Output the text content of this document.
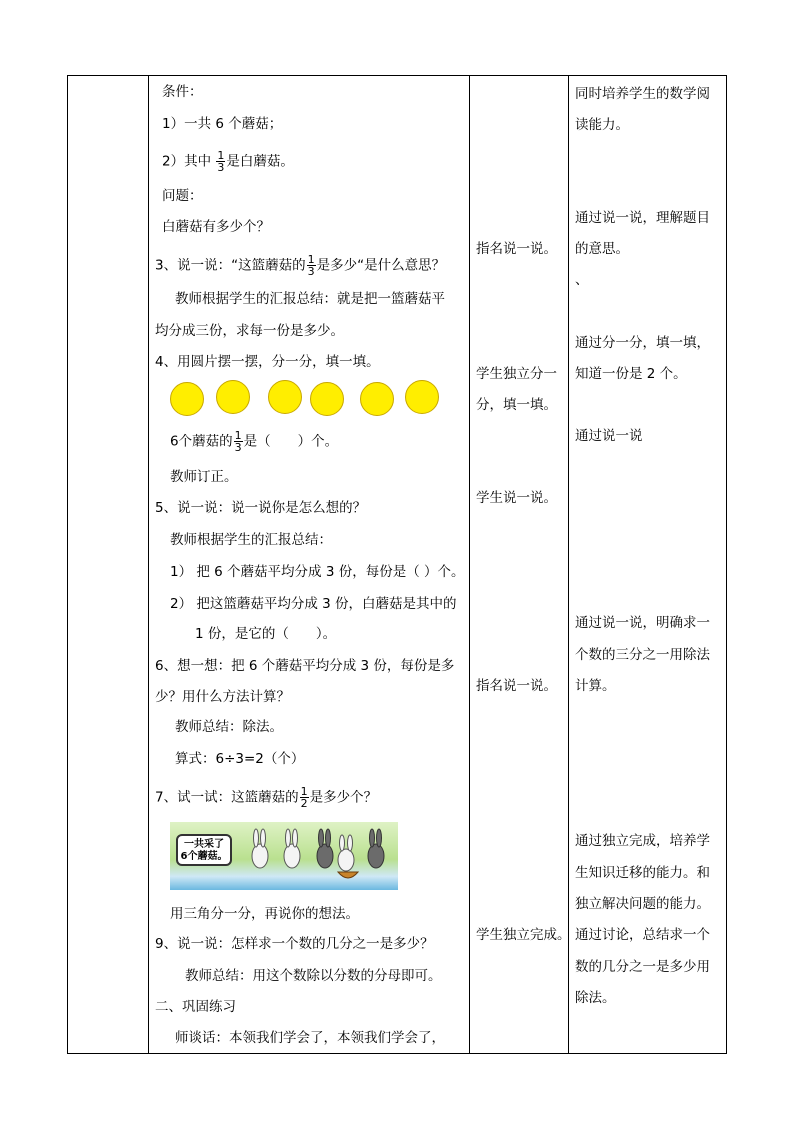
条件：
1）一共 6 个蘑菇；
2）其中 $\frac{1}{3}$ 是白蘑菇。
问题：
白蘑菇有多少个？
3、说一说：“这篮蘑菇的 $\frac{1}{3}$ 是多少“是什么意思？
教师根据学生的汇报总结：就是把一篮蘑菇平
均分成三份，求每一份是多少。
4、用圆片摆一摆，分一分，填一填。
6个蘑菇的 $\frac{1}{3}$ 是（　　）个。
教师订正。
5、说一说：说一说你是怎么想的？
教师根据学生的汇报总结：
1） 把 6 个蘑菇平均分成 3 份，每份是（ ）个。
2） 把这篮蘑菇平均分成 3 份，白蘑菇是其中的
1 份，是它的（　　）。
6、想一想：把 6 个蘑菇平均分成 3 份，每份是多
少？用什么方法计算？
教师总结：除法。
算式：6÷3=2（个）
7、试一试：这篮蘑菇的 $\frac{1}{2}$ 是多少个？
一共采了
6个蘑菇。
用三角分一分，再说你的想法。
9、说一说：怎样求一个数的几分之一是多少？
教师总结：用这个数除以分数的分母即可。
二、巩固练习
师谈话：本领我们学会了，本领我们学会了，
指名说一说。
学生独立分一
分，填一填。
学生说一说。
指名说一说。
学生独立完成。
同时培养学生的数学阅
读能力。
通过说一说，理解题目
的意思。
、
通过分一分，填一填，
知道一份是 2 个。
通过说一说
通过说一说，明确求一
个数的三分之一用除法
计算。
通过独立完成，培养学
生知识迁移的能力。和
独立解决问题的能力。
通过讨论，总结求一个
数的几分之一是多少用
除法。
